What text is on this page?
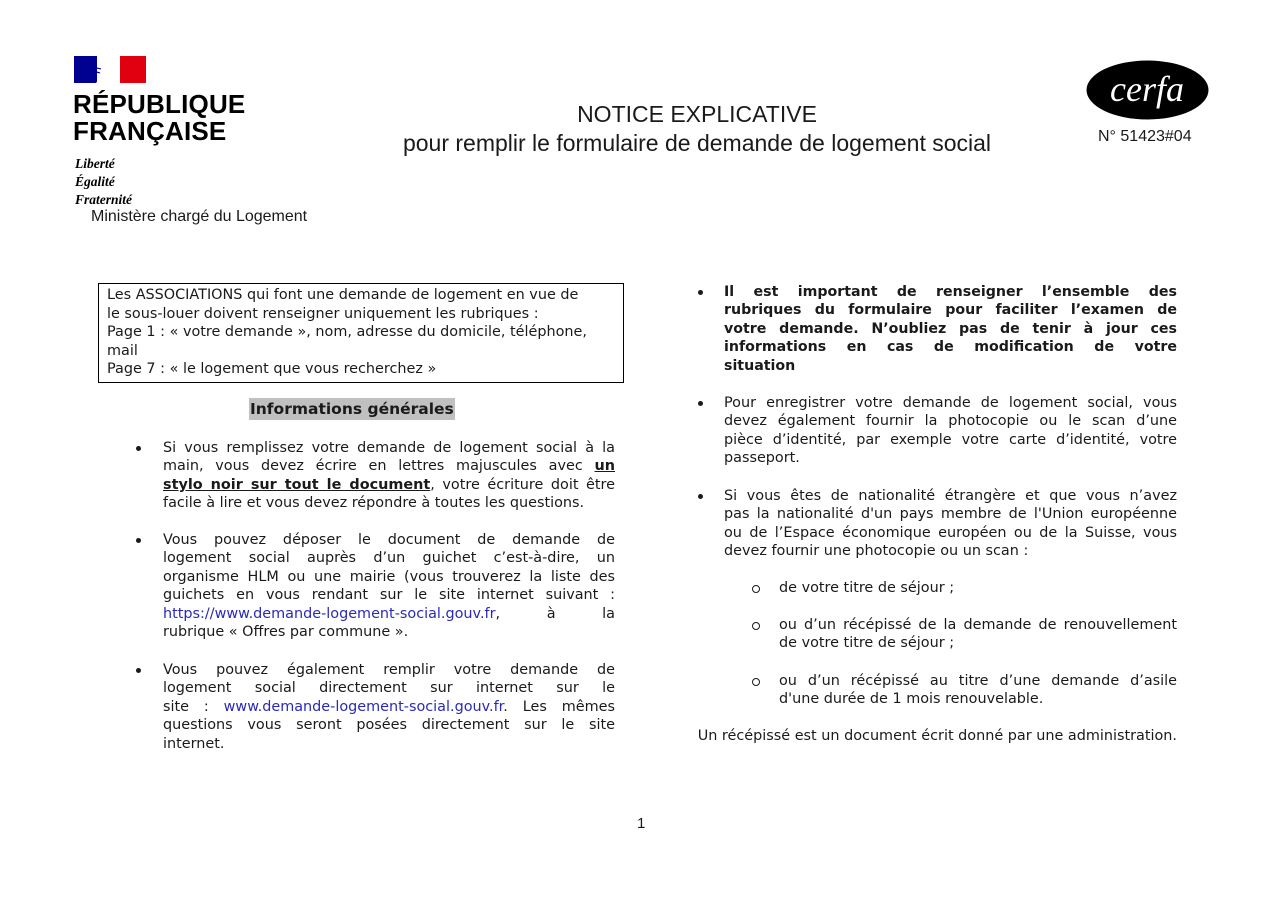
RÉPUBLIQUE
FRANÇAISE
Liberté
Égalité
Fraternité
Ministère chargé du Logement
NOTICE EXPLICATIVE
pour remplir le formulaire de demande de logement social
cerfa
N° 51423#04
Les ASSOCIATIONS qui font une demande de logement en vue de
le sous-louer doivent renseigner uniquement les rubriques :
Page 1 : « votre demande », nom, adresse du domicile, téléphone,
mail
Page 7 : « le logement que vous recherchez »
Informations générales
Si vous remplissez votre demande de logement social à la
main, vous devez écrire en lettres majuscules avec un
stylo noir sur tout le document, votre écriture doit être
facile à lire et vous devez répondre à toutes les questions.
Vous pouvez déposer le document de demande de
logement social auprès d’un guichet c’est-à-dire, un
organisme HLM ou une mairie (vous trouverez la liste des
guichets en vous rendant sur le site internet suivant :
https://www.demande-logement-social.gouv.fr,	à	la
rubrique « Offres par commune ».
Vous pouvez également remplir votre demande de
logement social directement sur internet sur le
site : www.demande-logement-social.gouv.fr. Les mêmes
questions vous seront posées directement sur le site
internet.
Il est important de renseigner l’ensemble des
rubriques du formulaire pour faciliter l’examen de
votre demande. N’oubliez pas de tenir à jour ces
informations en cas de modification de votre
situation
Pour enregistrer votre demande de logement social, vous
devez également fournir la photocopie ou le scan d’une
pièce d’identité, par exemple votre carte d’identité, votre
passeport.
Si vous êtes de nationalité étrangère et que vous n’avez
pas la nationalité d'un pays membre de l'Union européenne
ou de l’Espace économique européen ou de la Suisse, vous
devez fournir une photocopie ou un scan :
de votre titre de séjour ;
ou d’un récépissé de la demande de renouvellement
de votre titre de séjour ;
ou d’un récépissé au titre d’une demande d’asile
d'une durée de 1 mois renouvelable.
Un récépissé est un document écrit donné par une administration.
1
